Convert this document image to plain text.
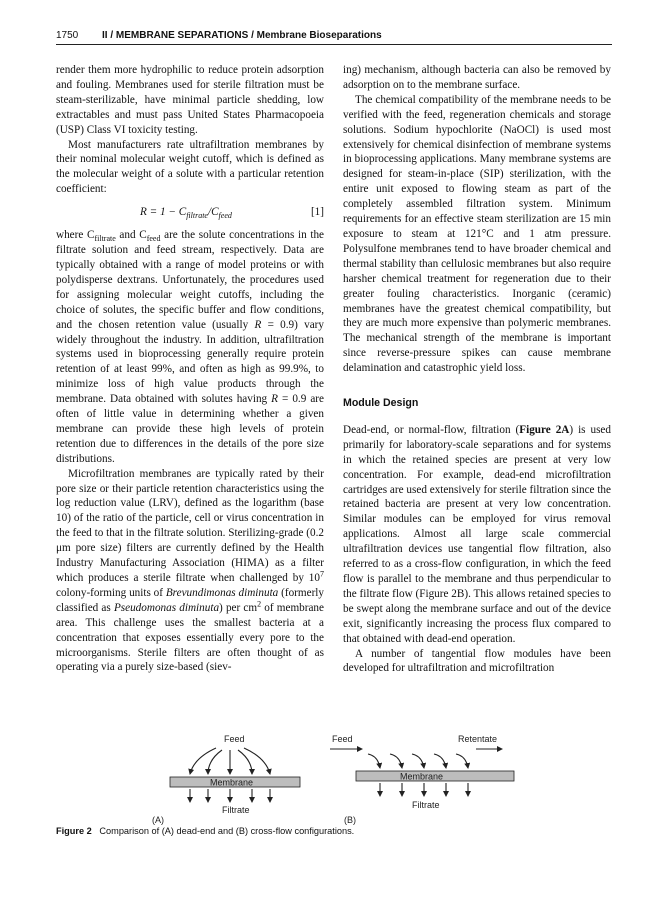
1750 II / MEMBRANE SEPARATIONS / Membrane Bioseparations

render them more hydrophilic to reduce protein adsorption and fouling. Membranes used for sterile filtration must be steam-sterilizable, have minimal particle shedding, low extractables and must pass United States Pharmacopoeia (USP) Class VI toxicity testing.

Most manufacturers rate ultrafiltration membranes by their nominal molecular weight cutoff, which is defined as the molecular weight of a solute with a particular retention coefficient:

$R = 1 - C_{filtrate}/C_{feed}$	[1]

where $C_{filtrate}$ and $C_{feed}$ are the solute concentrations in the filtrate solution and feed stream, respectively. Data are typically obtained with a range of model proteins or with polydisperse dextrans. Unfortunately, the procedures used for assigning molecular weight cutoffs, including the choice of solutes, the specific buffer and flow conditions, and the chosen retention value (usually R = 0.9) vary widely throughout the industry. In addition, ultrafiltration systems used in bioprocessing generally require protein retention of at least 99%, and often as high as 99.9%, to minimize loss of high value products through the membrane. Data obtained with solutes having R = 0.9 are often of little value in determining whether a given membrane can provide these high levels of protein retention due to differences in the details of the pore size distributions.

Microfiltration membranes are typically rated by their pore size or their particle retention characteristics using the log reduction value (LRV), defined as the logarithm (base 10) of the ratio of the particle, cell or virus concentration in the feed to that in the filtrate solution. Sterilizing-grade (0.2 μm pore size) filters are currently defined by the Health Industry Manufacturing Association (HIMA) as a filter which produces a sterile filtrate when challenged by $10^7$ colony-forming units of Brevundimonas diminuta (formerly classified as Pseudomonas diminuta) per $cm^2$ of membrane area. This challenge uses the smallest bacteria at a concentration that exposes essentially every pore to the microorganisms. Sterile filters are often thought of as operating via a purely size-based (siev-

ing) mechanism, although bacteria can also be removed by adsorption on to the membrane surface.

The chemical compatibility of the membrane needs to be verified with the feed, regeneration chemicals and storage solutions. Sodium hypochlorite (NaOCl) is used most extensively for chemical disinfection of membrane systems in bioprocessing applications. Many membrane systems are designed for steam-in-place (SIP) sterilization, with the entire unit exposed to flowing steam as part of the completely assembled filtration system. Minimum requirements for an effective steam sterilization are 15 min exposure to steam at 121°C and 1 atm pressure. Polysulfone membranes tend to have broader chemical and thermal stability than cellulosic membranes but also require harsher chemical treatment for regeneration due to their greater fouling characteristics. Inorganic (ceramic) membranes have the greatest chemical compatibility, but they are much more expensive than polymeric membranes. The mechanical strength of the membrane is important since reverse-pressure spikes can cause membrane delamination and catastrophic yield loss.

Module Design

Dead-end, or normal-flow, filtration (Figure 2A) is used primarily for laboratory-scale separations and for systems in which the retained species are present at very low concentration. For example, dead-end microfiltration cartridges are used extensively for sterile filtration since the retained bacteria are present at very low concentration. Similar modules can be employed for virus removal applications. Almost all large scale commercial ultrafiltration devices use tangential flow filtration, also referred to as a cross-flow configuration, in which the feed flow is parallel to the membrane and thus perpendicular to the filtrate flow (Figure 2B). This allows retained species to be swept along the membrane surface and out of the device exit, significantly increasing the process flux compared to that obtained with dead-end operation.

A number of tangential flow modules have been developed for ultrafiltration and microfiltration

Feed
Membrane
Filtrate
(A)
Feed	Retentate
Membrane
Filtrate
(B)
Figure 2 Comparison of (A) dead-end and (B) cross-flow configurations.
